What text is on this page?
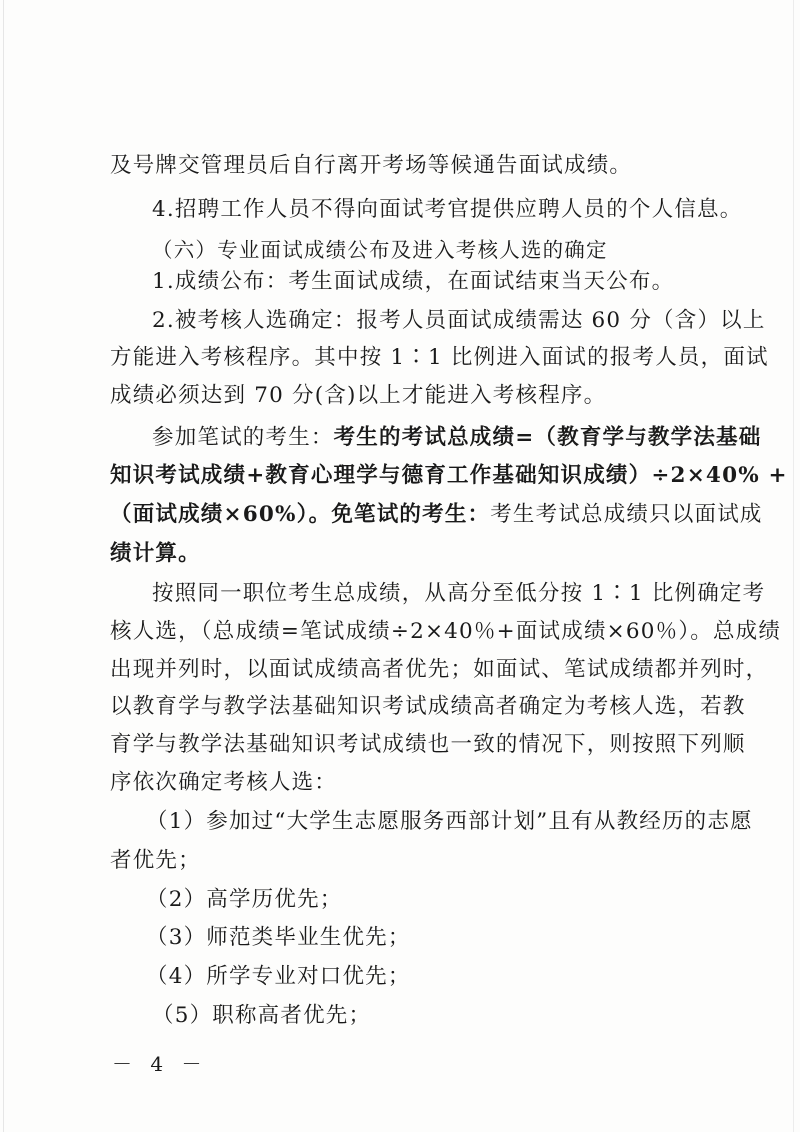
及号牌交管理员后自行离开考场等候通告面试成绩。
4.招聘工作人员不得向面试考官提供应聘人员的个人信息。
（六）专业面试成绩公布及进入考核人选的确定
1.成绩公布：考生面试成绩，在面试结束当天公布。
2.被考核人选确定：报考人员面试成绩需达 60 分（含）以上
方能进入考核程序。其中按 1∶1 比例进入面试的报考人员，面试
成绩必须达到 70 分(含)以上才能进入考核程序。
参加笔试的考生：考生的考试总成绩=（教育学与教学法基础
知识考试成绩+教育心理学与德育工作基础知识成绩）÷2×40% +
（面试成绩×60%）。免笔试的考生：考生考试总成绩只以面试成
绩计算。
按照同一职位考生总成绩，从高分至低分按 1∶1 比例确定考
核人选，（总成绩=笔试成绩÷2×40％+面试成绩×60％）。总成绩
出现并列时，以面试成绩高者优先；如面试、笔试成绩都并列时，
以教育学与教学法基础知识考试成绩高者确定为考核人选，若教
育学与教学法基础知识考试成绩也一致的情况下，则按照下列顺
序依次确定考核人选：
（1）参加过“大学生志愿服务西部计划”且有从教经历的志愿
者优先；
（2）高学历优先；
（3）师范类毕业生优先；
（4）所学专业对口优先；
（5）职称高者优先；
－ 4 －
